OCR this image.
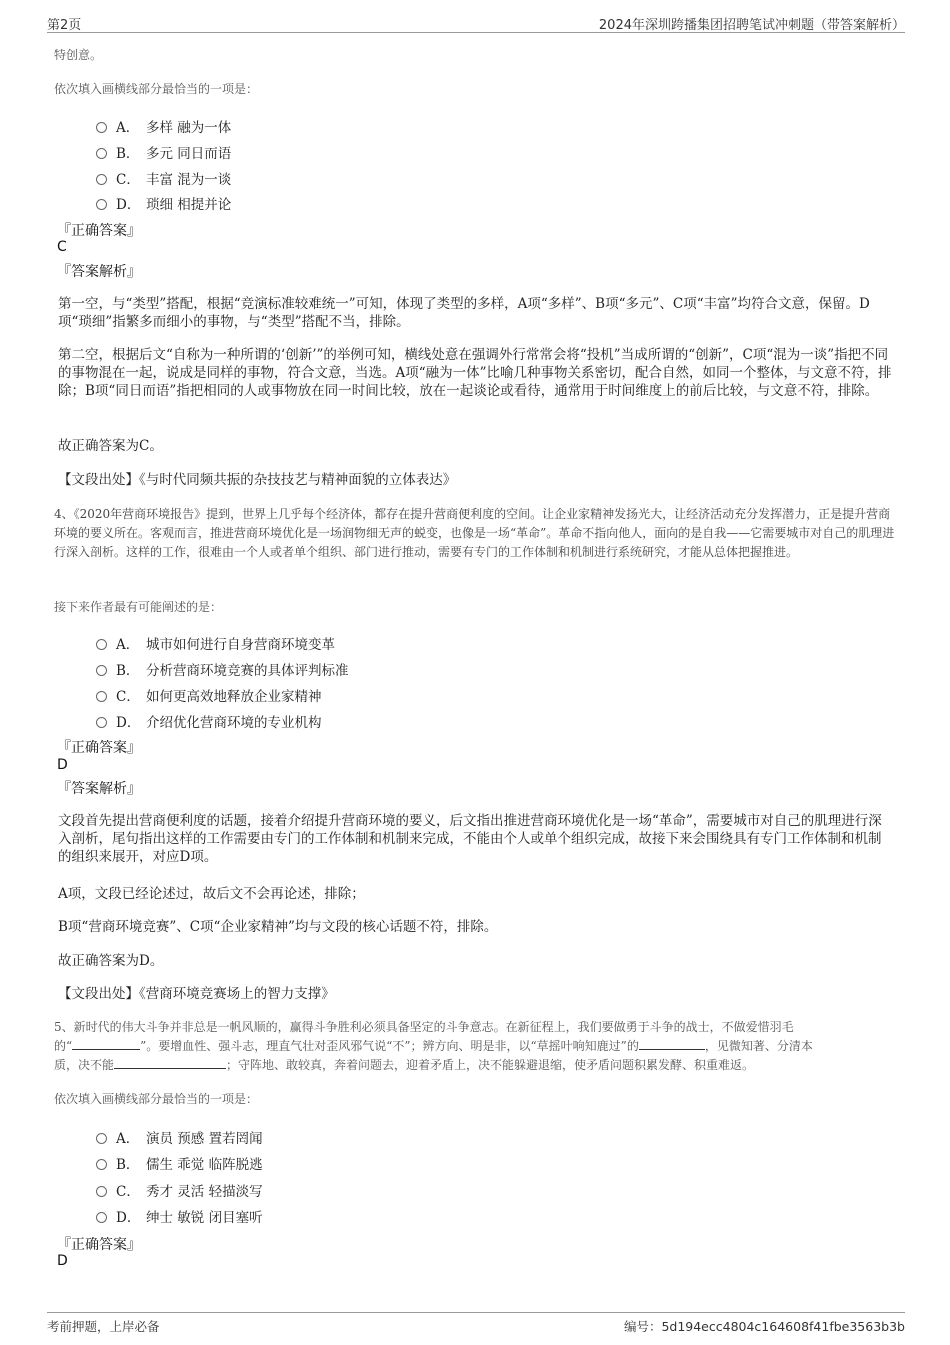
第2页	2024年深圳跨播集团招聘笔试冲刺题（带答案解析）

特创意。

依次填入画横线部分最恰当的一项是：

A． 多样 融为一体
B． 多元 同日而语
C． 丰富 混为一谈
D． 琐细 相提并论
『正确答案』
C
『答案解析』

第一空，与“类型”搭配，根据“竞演标准较难统一”可知，体现了类型的多样，A项“多样”、B项“多元”、C项“丰富”均符合文意，保留。D项“琐细”指繁多而细小的事物，与“类型”搭配不当，排除。

第二空，根据后文“自称为一种所谓的‘创新’”的举例可知，横线处意在强调外行常常会将“投机”当成所谓的“创新”，C项“混为一谈”指把不同的事物混在一起，说成是同样的事物，符合文意，当选。A项“融为一体”比喻几种事物关系密切，配合自然，如同一个整体，与文意不符，排除；B项“同日而语”指把相同的人或事物放在同一时间比较，放在一起谈论或看待，通常用于时间维度上的前后比较，与文意不符，排除。

故正确答案为C。

【文段出处】《与时代同频共振的杂技技艺与精神面貌的立体表达》

4、《2020年营商环境报告》提到，世界上几乎每个经济体，都存在提升营商便利度的空间。让企业家精神发扬光大，让经济活动充分发挥潜力，正是提升营商环境的要义所在。客观而言，推进营商环境优化是一场润物细无声的蜕变，也像是一场“革命”。革命不指向他人，面向的是自我——它需要城市对自己的肌理进行深入剖析。这样的工作，很难由一个人或者单个组织、部门进行推动，需要有专门的工作体制和机制进行系统研究，才能从总体把握推进。

接下来作者最有可能阐述的是：

A． 城市如何进行自身营商环境变革
B． 分析营商环境竞赛的具体评判标准
C． 如何更高效地释放企业家精神
D． 介绍优化营商环境的专业机构
『正确答案』
D
『答案解析』

文段首先提出营商便利度的话题，接着介绍提升营商环境的要义，后文指出推进营商环境优化是一场“革命”，需要城市对自己的肌理进行深入剖析，尾句指出这样的工作需要由专门的工作体制和机制来完成，不能由个人或单个组织完成，故接下来会围绕具有专门工作体制和机制的组织来展开，对应D项。

A项，文段已经论述过，故后文不会再论述，排除；

B项“营商环境竞赛”、C项“企业家精神”均与文段的核心话题不符，排除。

故正确答案为D。

【文段出处】《营商环境竞赛场上的智力支撑》

5、新时代的伟大斗争并非总是一帆风顺的，赢得斗争胜利必须具备坚定的斗争意志。在新征程上，我们要做勇于斗争的战士，不做爱惜羽毛
的“	”。要增血性、强斗志，理直气壮对歪风邪气说“不”；辨方向、明是非，以“草摇叶响知鹿过”的	，见微知著、分清本
质，决不能	；守阵地、敢较真，奔着问题去，迎着矛盾上，决不能躲避退缩，使矛盾问题积累发酵、积重难返。

依次填入画横线部分最恰当的一项是：

A． 演员 预感 置若罔闻
B． 儒生 乖觉 临阵脱逃
C． 秀才 灵活 轻描淡写
D． 绅士 敏锐 闭目塞听
『正确答案』
D
考前押题，上岸必备	编号：5d194ecc4804c164608f41fbe3563b3b
